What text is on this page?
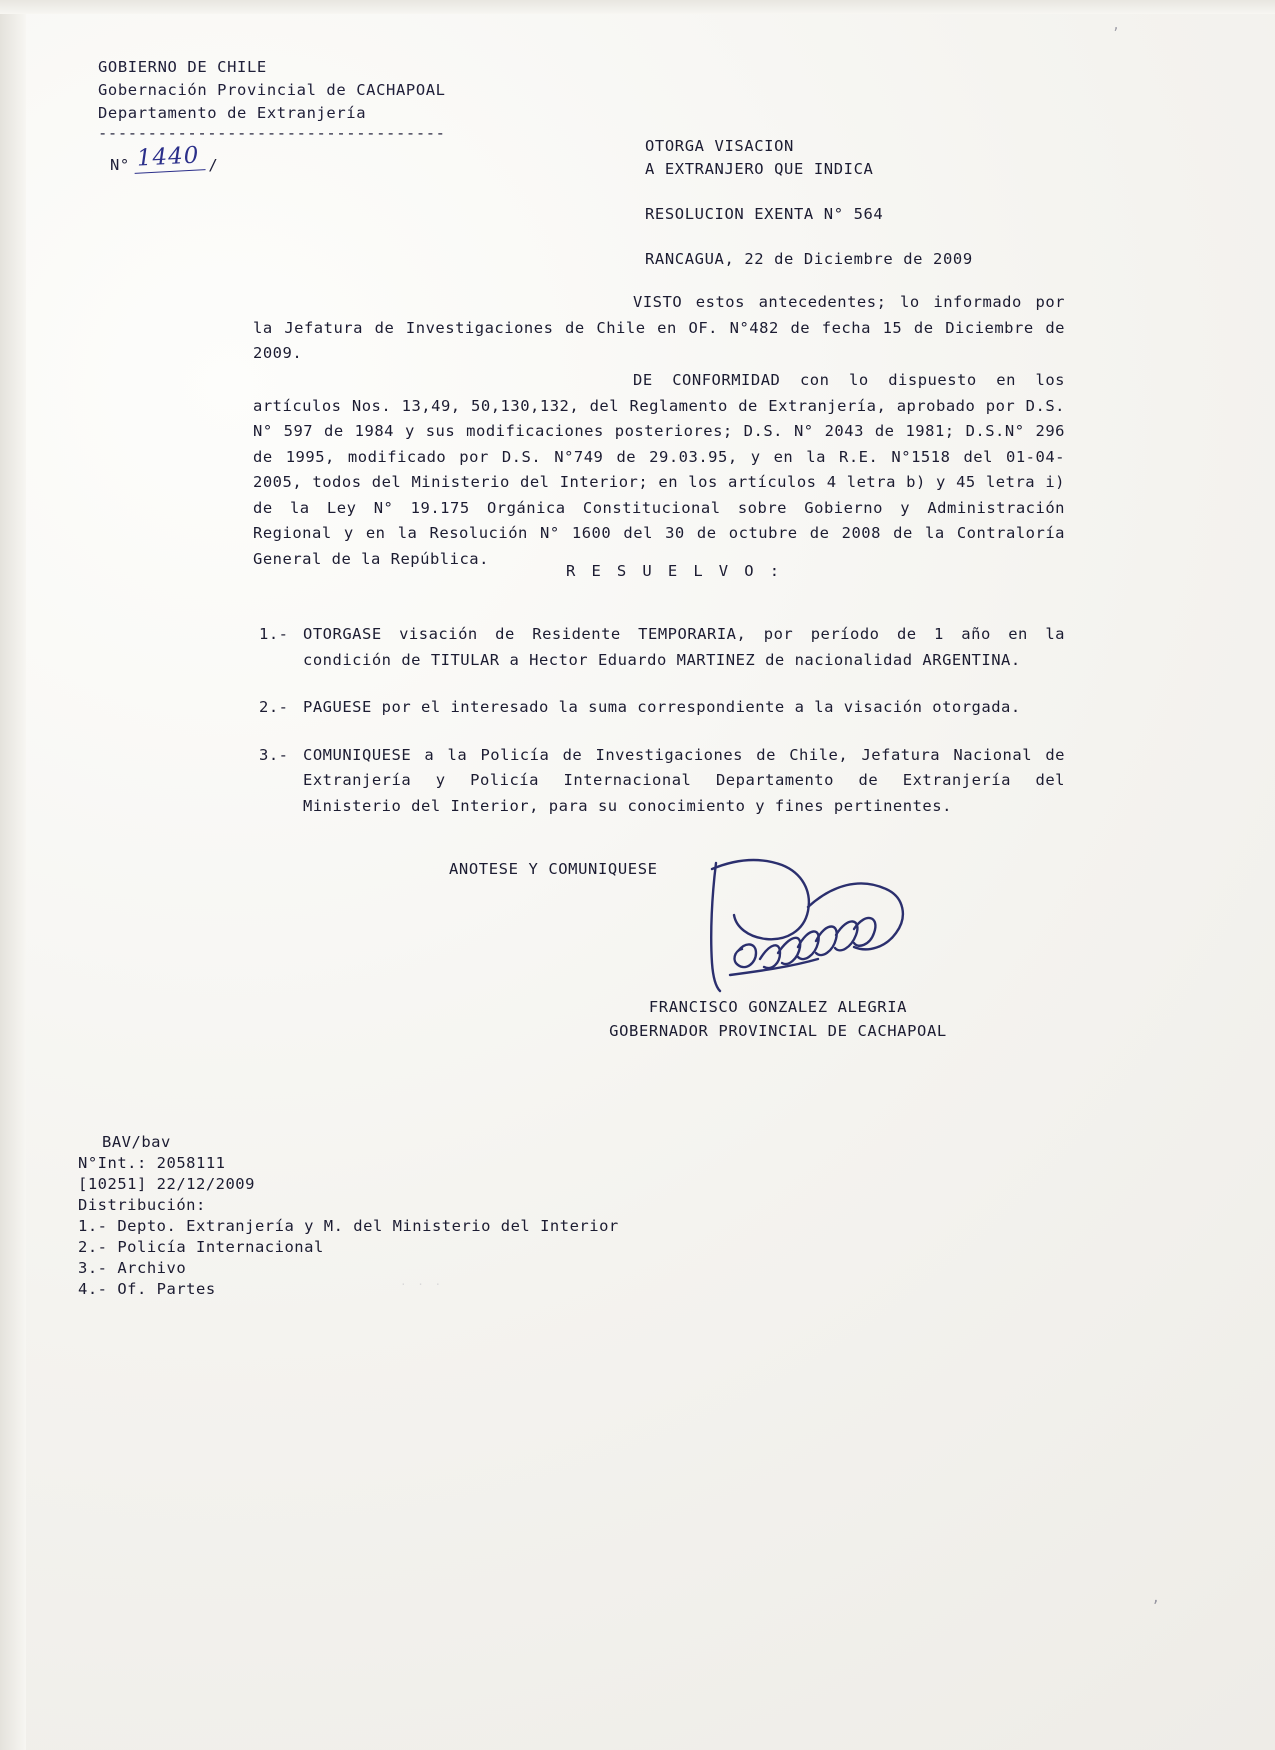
GOBIERNO DE CHILE
Gobernación Provincial de CACHAPOAL
Departamento de Extranjería
-----------------------------------
N° 1440 /
OTORGA VISACION
A EXTRANJERO QUE INDICA
RESOLUCION EXENTA N° 564
RANCAGUA, 22 de Diciembre de 2009
VISTO estos antecedentes; lo informado por la Jefatura de Investigaciones de Chile en OF. N°482 de fecha 15 de Diciembre de 2009.
DE CONFORMIDAD con lo dispuesto en los artículos Nos. 13,49, 50,130,132, del Reglamento de Extranjería, aprobado por D.S. N° 597 de 1984 y sus modificaciones posteriores; D.S. N° 2043 de 1981; D.S.N° 296 de 1995, modificado por D.S. N°749 de 29.03.95, y en la R.E. N°1518 del 01-04-2005, todos del Ministerio del Interior; en los artículos 4 letra b) y 45 letra i) de la Ley N° 19.175 Orgánica Constitucional sobre Gobierno y Administración Regional y en la Resolución N° 1600 del 30 de octubre de 2008 de la Contraloría General de la República.
R E S U E L V O :
1.- OTORGASE visación de Residente TEMPORARIA, por período de 1 año en la condición de TITULAR a Hector Eduardo MARTINEZ de nacionalidad ARGENTINA.
2.- PAGUESE por el interesado la suma correspondiente a la visación otorgada.
3.- COMUNIQUESE a la Policía de Investigaciones de Chile, Jefatura Nacional de Extranjería y Policía Internacional Departamento de Extranjería del Ministerio del Interior, para su conocimiento y fines pertinentes.
ANOTESE Y COMUNIQUESE
FRANCISCO GONZALEZ ALEGRIA
GOBERNADOR PROVINCIAL DE CACHAPOAL
BAV/bav
N°Int.: 2058111
[10251] 22/12/2009
Distribución:
1.- Depto. Extranjería y M. del Ministerio del Interior
2.- Policía Internacional
3.- Archivo
4.- Of. Partes	· · ·
,
,
